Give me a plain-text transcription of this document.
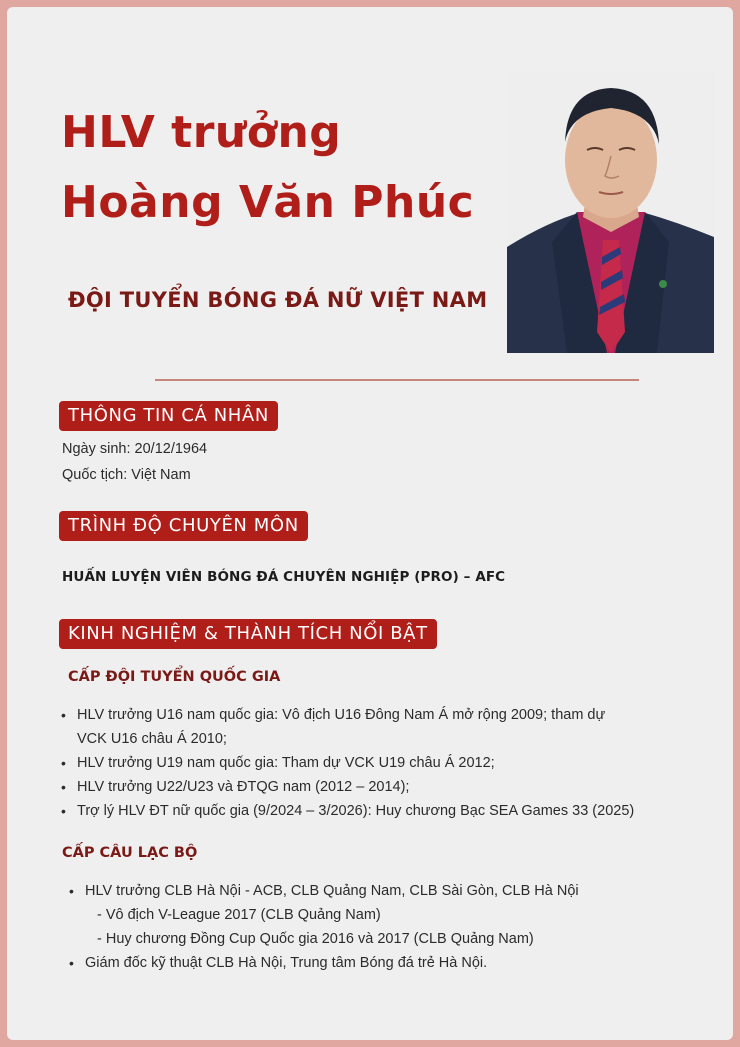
HLV trưởng
Hoàng Văn Phúc
ĐỘI TUYỂN BÓNG ĐÁ NỮ VIỆT NAM
THÔNG TIN CÁ NHÂN
Ngày sinh: 20/12/1964
Quốc tịch: Việt Nam
TRÌNH ĐỘ CHUYÊN MÔN
HUẤN LUYỆN VIÊN BÓNG ĐÁ CHUYÊN NGHIỆP (PRO) – AFC
KINH NGHIỆM & THÀNH TÍCH NỔI BẬT
CẤP ĐỘI TUYỂN QUỐC GIA
• HLV trưởng U16 nam quốc gia: Vô địch U16 Đông Nam Á mở rộng 2009; tham dự
VCK U16 châu Á 2010;
• HLV trưởng U19 nam quốc gia: Tham dự VCK U19 châu Á 2012;
• HLV trưởng U22/U23 và ĐTQG nam (2012 – 2014);
• Trợ lý HLV ĐT nữ quốc gia (9/2024 – 3/2026): Huy chương Bạc SEA Games 33 (2025)
CẤP CÂU LẠC BỘ
• HLV trưởng CLB Hà Nội - ACB, CLB Quảng Nam, CLB Sài Gòn, CLB Hà Nội
- Vô địch V-League 2017 (CLB Quảng Nam)
- Huy chương Đồng Cup Quốc gia 2016 và 2017 (CLB Quảng Nam)
• Giám đốc kỹ thuật CLB Hà Nội, Trung tâm Bóng đá trẻ Hà Nội.
